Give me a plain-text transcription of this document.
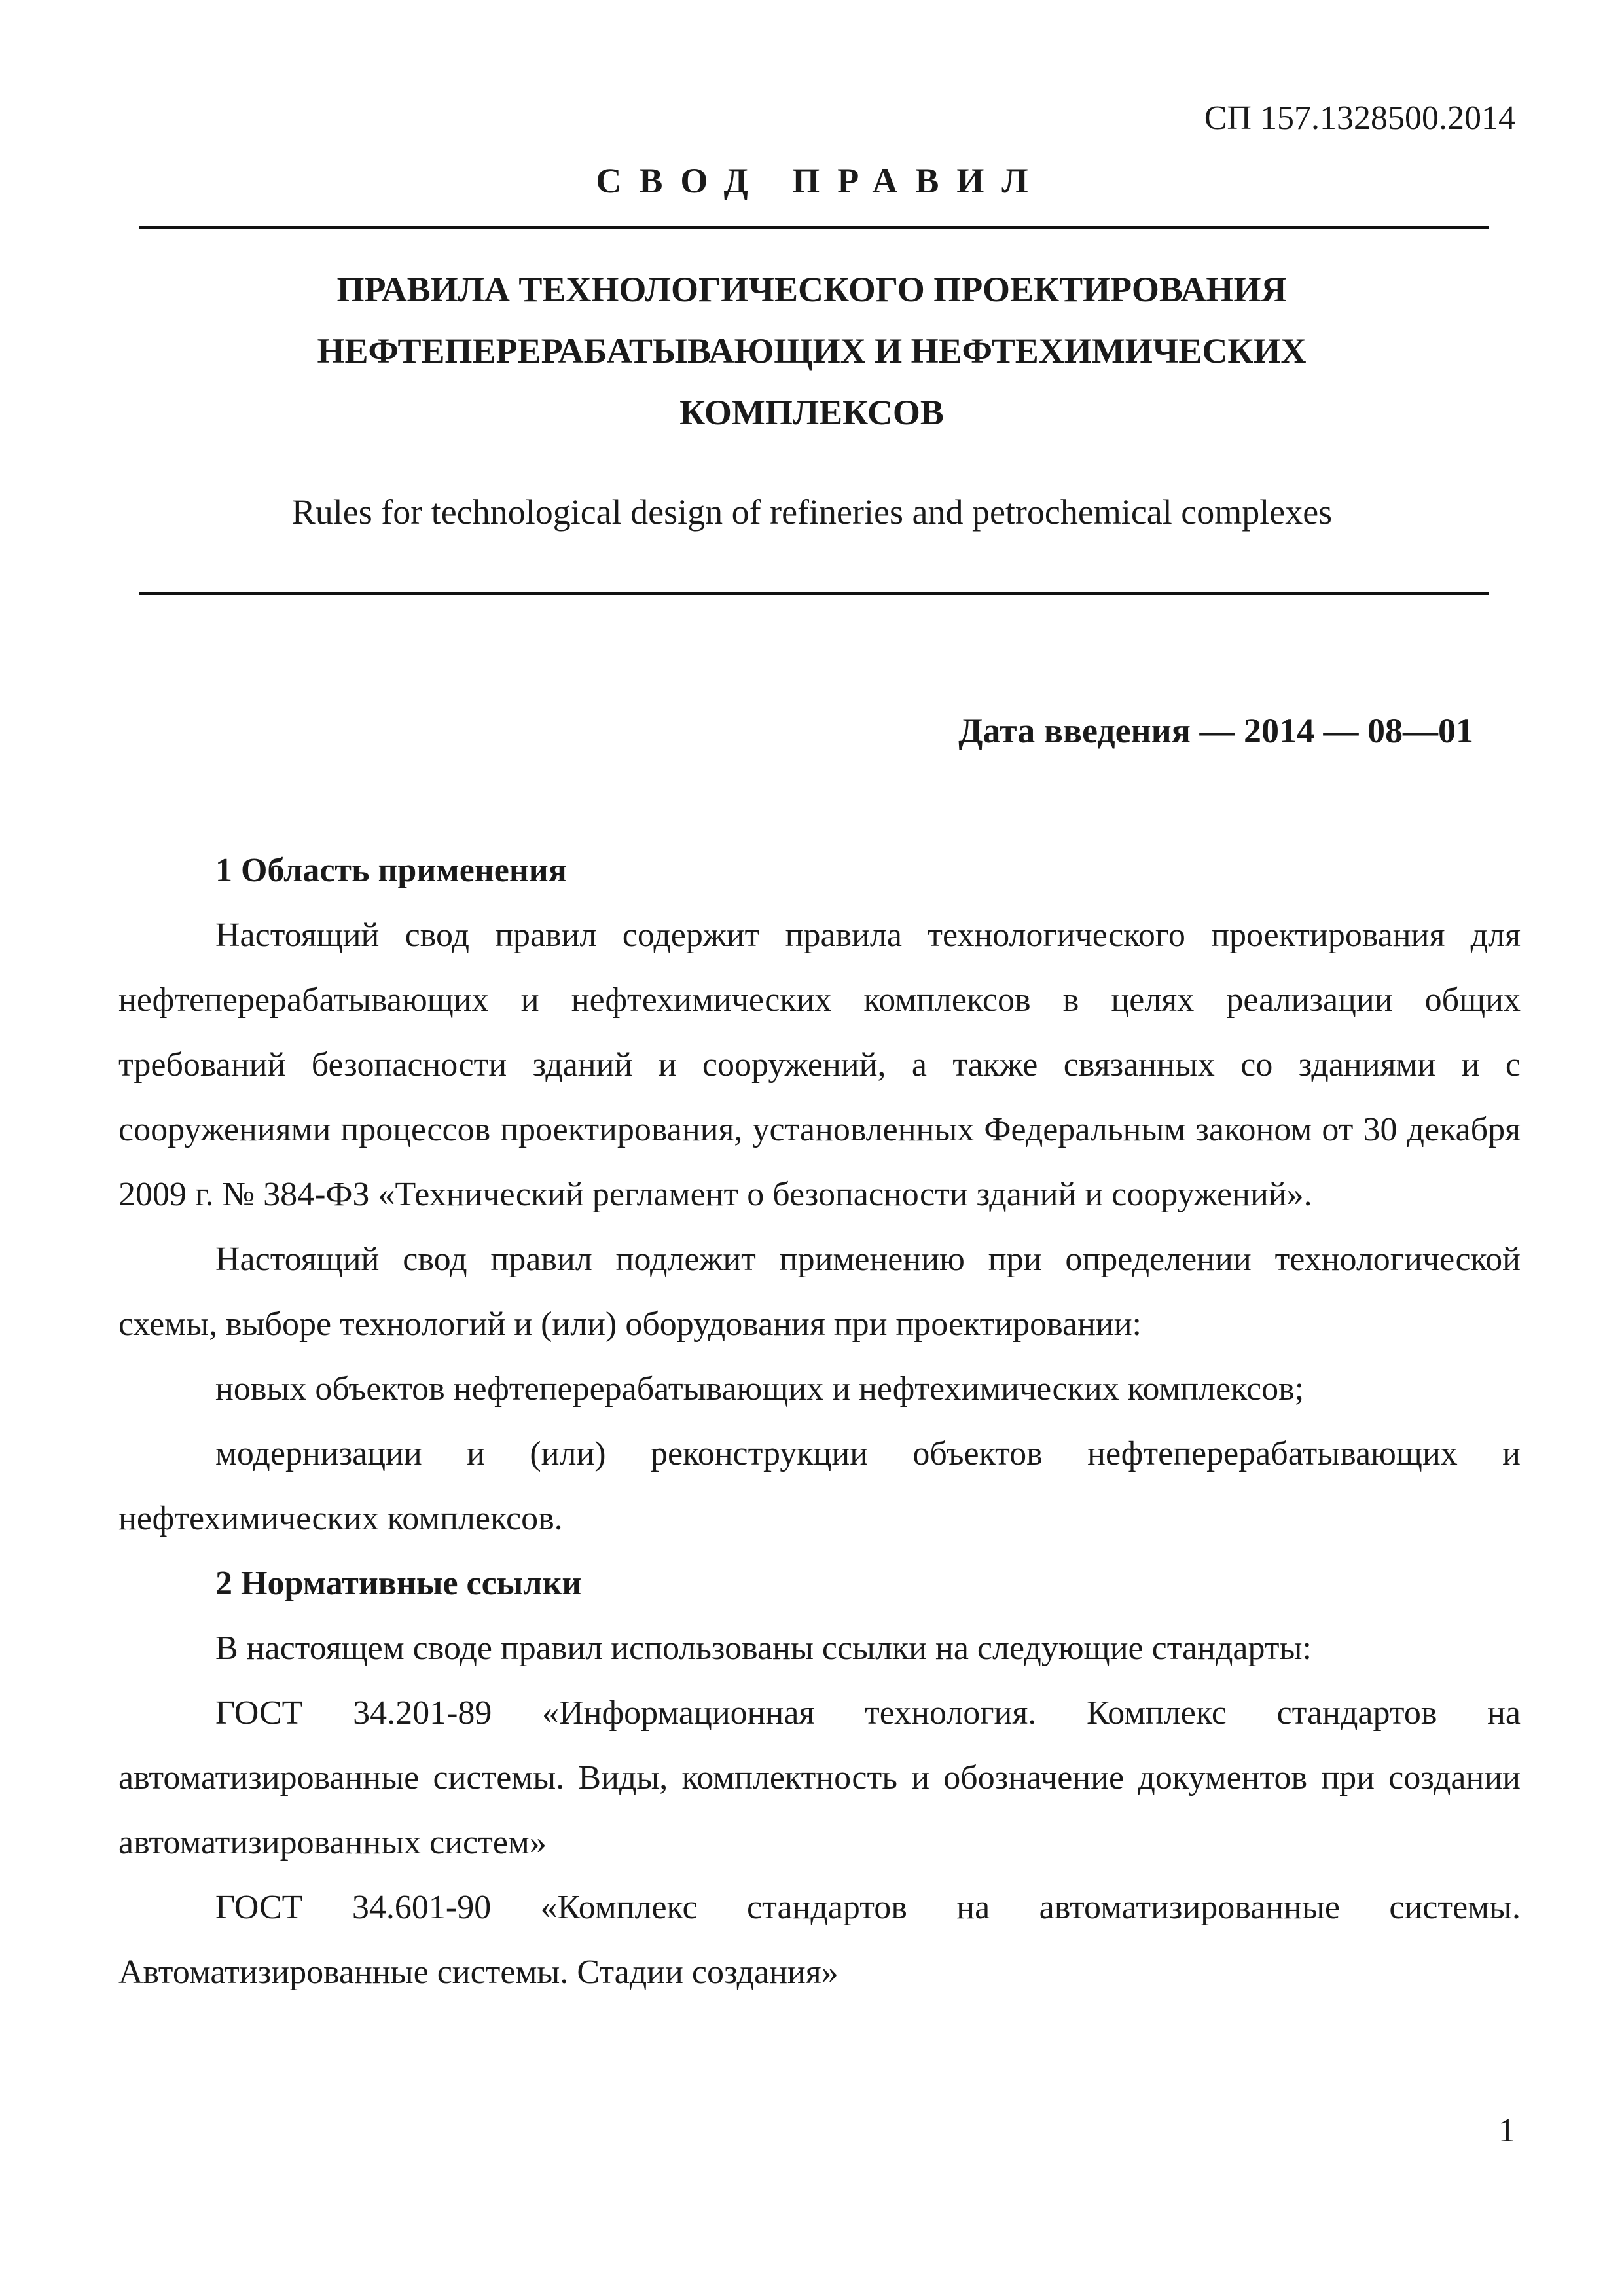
СП 157.1328500.2014
СВОД ПРАВИЛ
ПРАВИЛА ТЕХНОЛОГИЧЕСКОГО ПРОЕКТИРОВАНИЯ
НЕФТЕПЕРЕРАБАТЫВАЮЩИХ И НЕФТЕХИМИЧЕСКИХ
КОМПЛЕКСОВ
Rules for technological design of refineries and petrochemical complexes
Дата введения — 2014 — 08—01

1 Область применения

Настоящий свод правил содержит правила технологического проектирования для нефтеперерабатывающих и нефтехимических комплексов в целях реализации общих требований безопасности зданий и сооружений, а также связанных со зданиями и с сооружениями процессов проектирования, установленных Федеральным законом от 30 декабря 2009 г. № 384-ФЗ «Технический регламент о безопасности зданий и сооружений».

Настоящий свод правил подлежит применению при определении технологической схемы, выборе технологий и (или) оборудования при проектировании:

новых объектов нефтеперерабатывающих и нефтехимических комплексов;

модернизации и (или) реконструкции объектов нефтеперерабатывающих и нефтехимических комплексов.

2 Нормативные ссылки

В настоящем своде правил использованы ссылки на следующие стандарты:

ГОСТ 34.201-89 «Информационная технология. Комплекс стандартов на автоматизированные системы. Виды, комплектность и обозначение документов при создании автоматизированных систем»

ГОСТ 34.601-90 «Комплекс стандартов на автоматизированные системы. Автоматизированные системы. Стадии создания»

1
